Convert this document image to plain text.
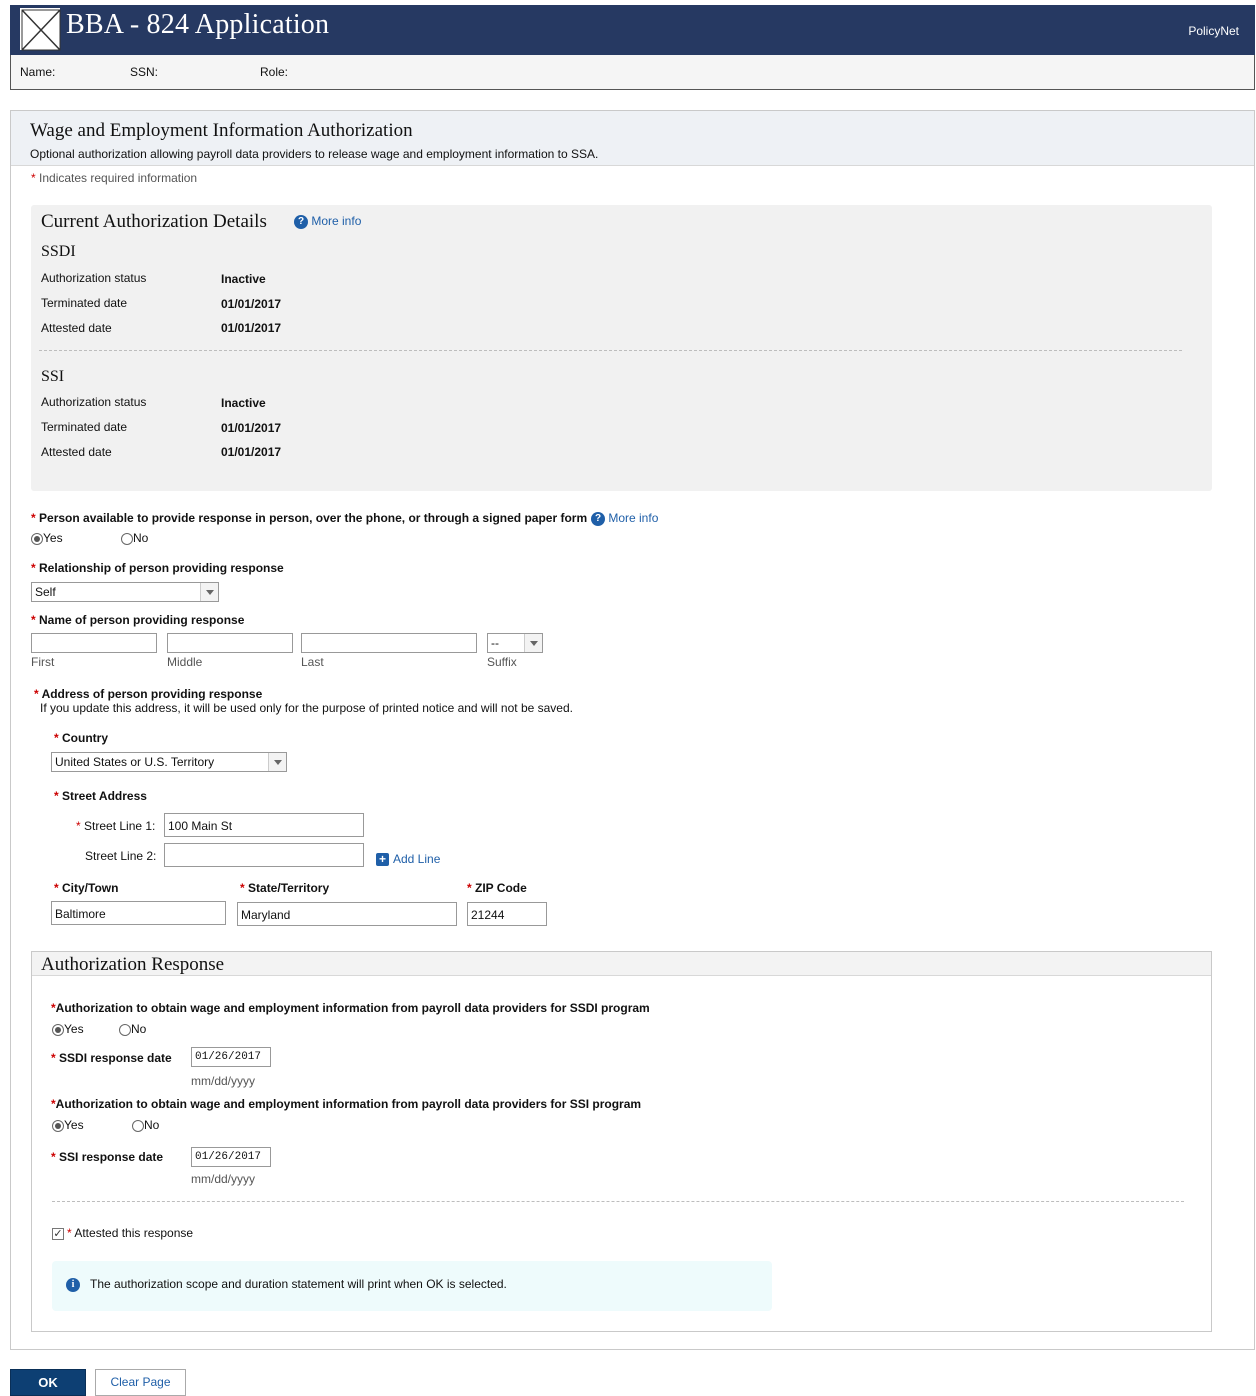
BBA - 824 Application	PolicyNet
Name:	SSN:	Role:
Wage and Employment Information Authorization
Optional authorization allowing payroll data providers to release wage and employment information to SSA.
* Indicates required information
Current Authorization Details	? More info
SSDI
Authorization status	Inactive
Terminated date	01/01/2017
Attested date	01/01/2017
SSI
Authorization status	Inactive
Terminated date	01/01/2017
Attested date	01/01/2017
* Person available to provide response in person, over the phone, or through a signed paper form ? More info
Yes	No
* Relationship of person providing response
Self
* Name of person providing response
--
First	Middle	Last	Suffix
* Address of person providing response
If you update this address, it will be used only for the purpose of printed notice and will not be saved.
* Country
United States or U.S. Territory
* Street Address
* Street Line 1:	100 Main St
Street Line 2:	+ Add Line
* City/Town
Baltimore
* State/Territory
Maryland
* ZIP Code
21244
Authorization Response
*Authorization to obtain wage and employment information from payroll data providers for SSDI program
Yes	No
* SSDI response date	01/26/2017
mm/dd/yyyy
*Authorization to obtain wage and employment information from payroll data providers for SSI program
Yes	No
* SSI response date	01/26/2017
mm/dd/yyyy
✓ * Attested this response
i	The authorization scope and duration statement will print when OK is selected.
OK	Clear Page
